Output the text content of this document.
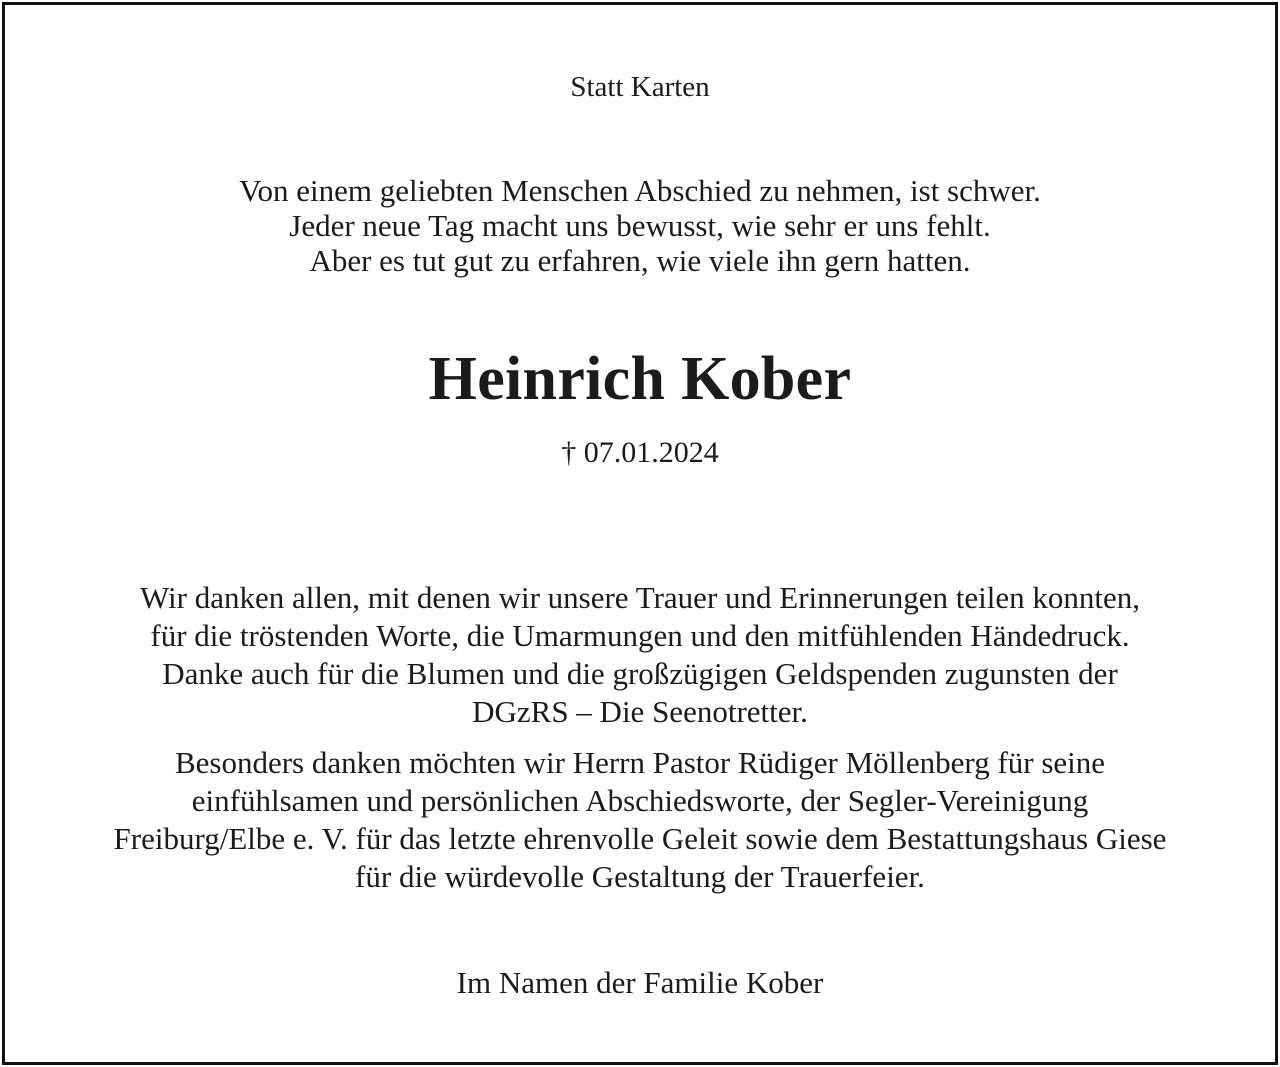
Statt Karten
Von einem geliebten Menschen Abschied zu nehmen, ist schwer.
Jeder neue Tag macht uns bewusst, wie sehr er uns fehlt.
Aber es tut gut zu erfahren, wie viele ihn gern hatten.
Heinrich Kober
† 07.01.2024
Wir danken allen, mit denen wir unsere Trauer und Erinnerungen teilen konnten,
für die tröstenden Worte, die Umarmungen und den mitfühlenden Händedruck.
Danke auch für die Blumen und die großzügigen Geldspenden zugunsten der
DGzRS – Die Seenotretter.
Besonders danken möchten wir Herrn Pastor Rüdiger Möllenberg für seine
einfühlsamen und persönlichen Abschiedsworte, der Segler-Vereinigung
Freiburg/Elbe e. V. für das letzte ehrenvolle Geleit sowie dem Bestattungshaus Giese
für die würdevolle Gestaltung der Trauerfeier.
Im Namen der Familie Kober
